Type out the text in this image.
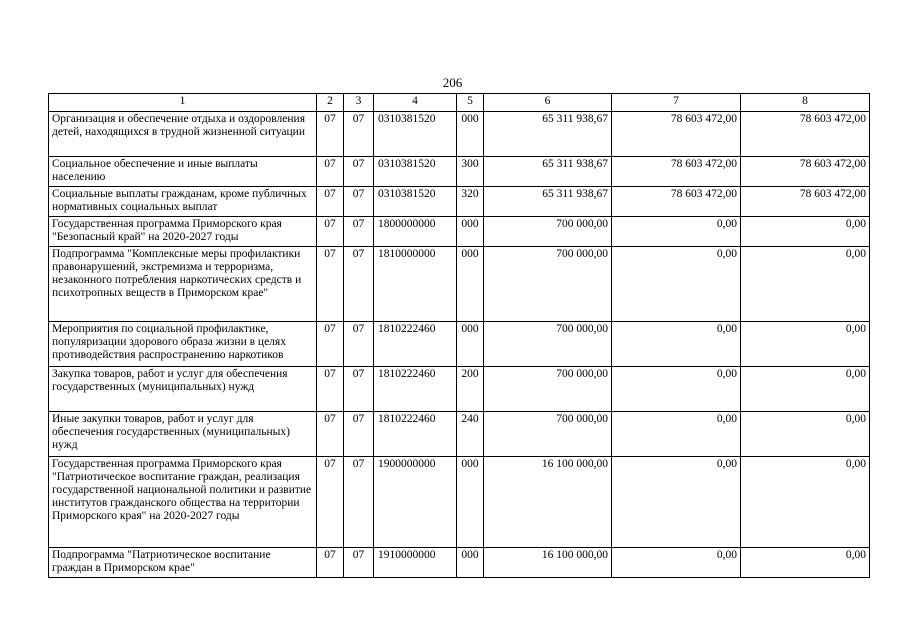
206
1	2	3	4	5	6	7	8
Организация и обеспечение отдыха и оздоровления детей, находящихся в трудной жизненной ситуации	07	07	0310381520	000	65 311 938,67	78 603 472,00	78 603 472,00
Социальное обеспечение и иные выплаты населению	07	07	0310381520	300	65 311 938,67	78 603 472,00	78 603 472,00
Социальные выплаты гражданам, кроме публичных нормативных социальных выплат	07	07	0310381520	320	65 311 938,67	78 603 472,00	78 603 472,00
Государственная программа Приморского края "Безопасный край" на 2020-2027 годы	07	07	1800000000	000	700 000,00	0,00	0,00
Подпрограмма "Комплексные меры профилактики правонарушений, экстремизма и терроризма, незаконного потребления наркотических средств и психотропных веществ в Приморском крае"	07	07	1810000000	000	700 000,00	0,00	0,00
Мероприятия по социальной профилактике, популяризации здорового образа жизни в целях противодействия распространению наркотиков	07	07	1810222460	000	700 000,00	0,00	0,00
Закупка товаров, работ и услуг для обеспечения государственных (муниципальных) нужд	07	07	1810222460	200	700 000,00	0,00	0,00
Иные закупки товаров, работ и услуг для обеспечения государственных (муниципальных) нужд	07	07	1810222460	240	700 000,00	0,00	0,00
Государственная программа Приморского края "Патриотическое воспитание граждан, реализация государственной национальной политики и развитие институтов гражданского общества на территории Приморского края" на 2020-2027 годы	07	07	1900000000	000	16 100 000,00	0,00	0,00
Подпрограмма "Патриотическое воспитание граждан в Приморском крае"	07	07	1910000000	000	16 100 000,00	0,00	0,00
